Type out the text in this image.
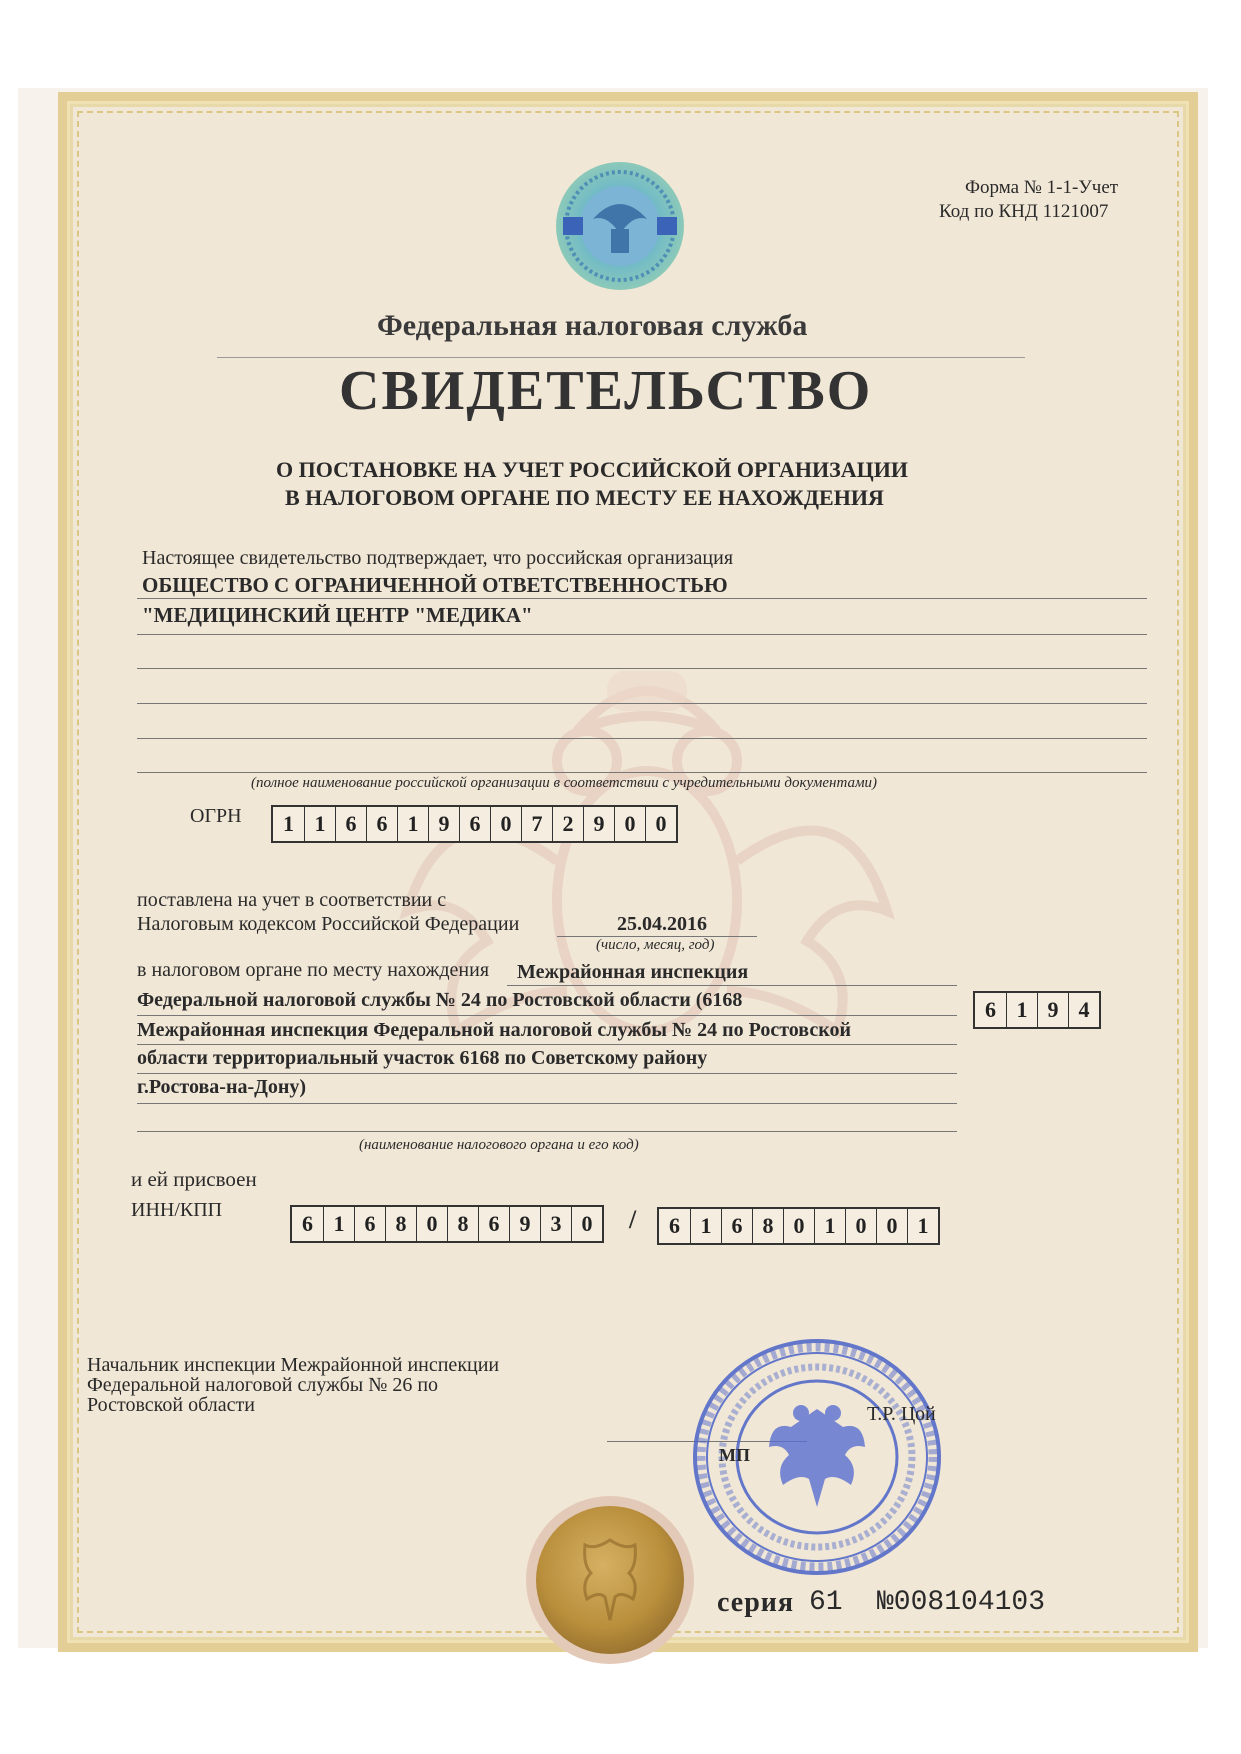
Форма № 1-1-Учет
Код по КНД 1121007
Федеральная налоговая служба
СВИДЕТЕЛЬСТВО
О ПОСТАНОВКЕ НА УЧЕТ РОССИЙСКОЙ ОРГАНИЗАЦИИ
В НАЛОГОВОМ ОРГАНЕ ПО МЕСТУ ЕЕ НАХОЖДЕНИЯ
Настоящее свидетельство подтверждает, что российская организация
ОБЩЕСТВО С ОГРАНИЧЕННОЙ ОТВЕТСТВЕННОСТЬЮ
"МЕДИЦИНСКИЙ ЦЕНТР "МЕДИКА"
(полное наименование российской организации в соответствии с учредительными документами)
ОГРН	1 1 6 6 1 9 6 0 7 2 9 0 0
поставлена на учет в соответствии с
Налоговым кодексом Российской Федерации	25.04.2016
(число, месяц, год)
в налоговом органе по месту нахождения Межрайонная инспекция
Федеральной налоговой службы № 24 по Ростовской области (6168	6 1 9 4
Межрайонная инспекция Федеральной налоговой службы № 24 по Ростовской
области территориальный участок 6168 по Советскому району
г.Ростова-на-Дону)
(наименование налогового органа и его код)
и ей присвоен
ИНН/КПП
6 1 6 8 0 8 6 9 3 0	/	6 1 6 8 0 1 0 0 1
Начальник инспекции Межрайонной инспекции
Федеральной налоговой службы № 26 по
Ростовской области	Т.Р. Цой
МП
серия 61 №008104103
